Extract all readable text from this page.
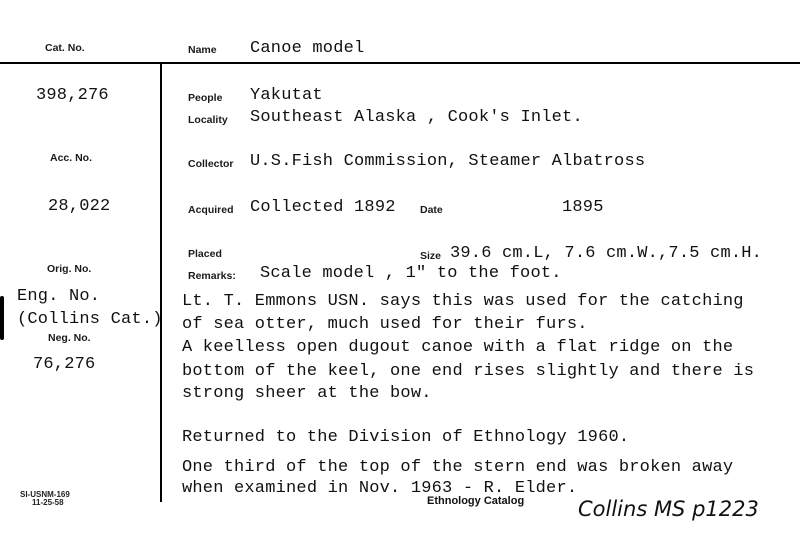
Cat. No.
398,276
Acc. No.
28,022
Orig. No.
Eng. No.
(Collins Cat.)
Neg. No.
76,276
Name Canoe model
People Yakutat
Locality Southeast Alaska , Cook's Inlet.
Collector U.S.Fish Commission, Steamer Albatross
Acquired Collected 1892 Date	1895
Placed	Size 39.6 cm.L, 7.6 cm.W.,7.5 cm.H.
Remarks: Scale model , 1" to the foot.
Lt. T. Emmons USN. says this was used for the catching
of sea otter, much used for their furs.
A keelless open dugout canoe with a flat ridge on the
bottom of the keel, one end rises slightly and there is
strong sheer at the bow.
Returned to the Division of Ethnology 1960.
One third of the top of the stern end was broken away
when examined in Nov. 1963 - R. Elder.
SI-USNM-169
11-25-58	Ethnology Catalog	Collins MS p1223
